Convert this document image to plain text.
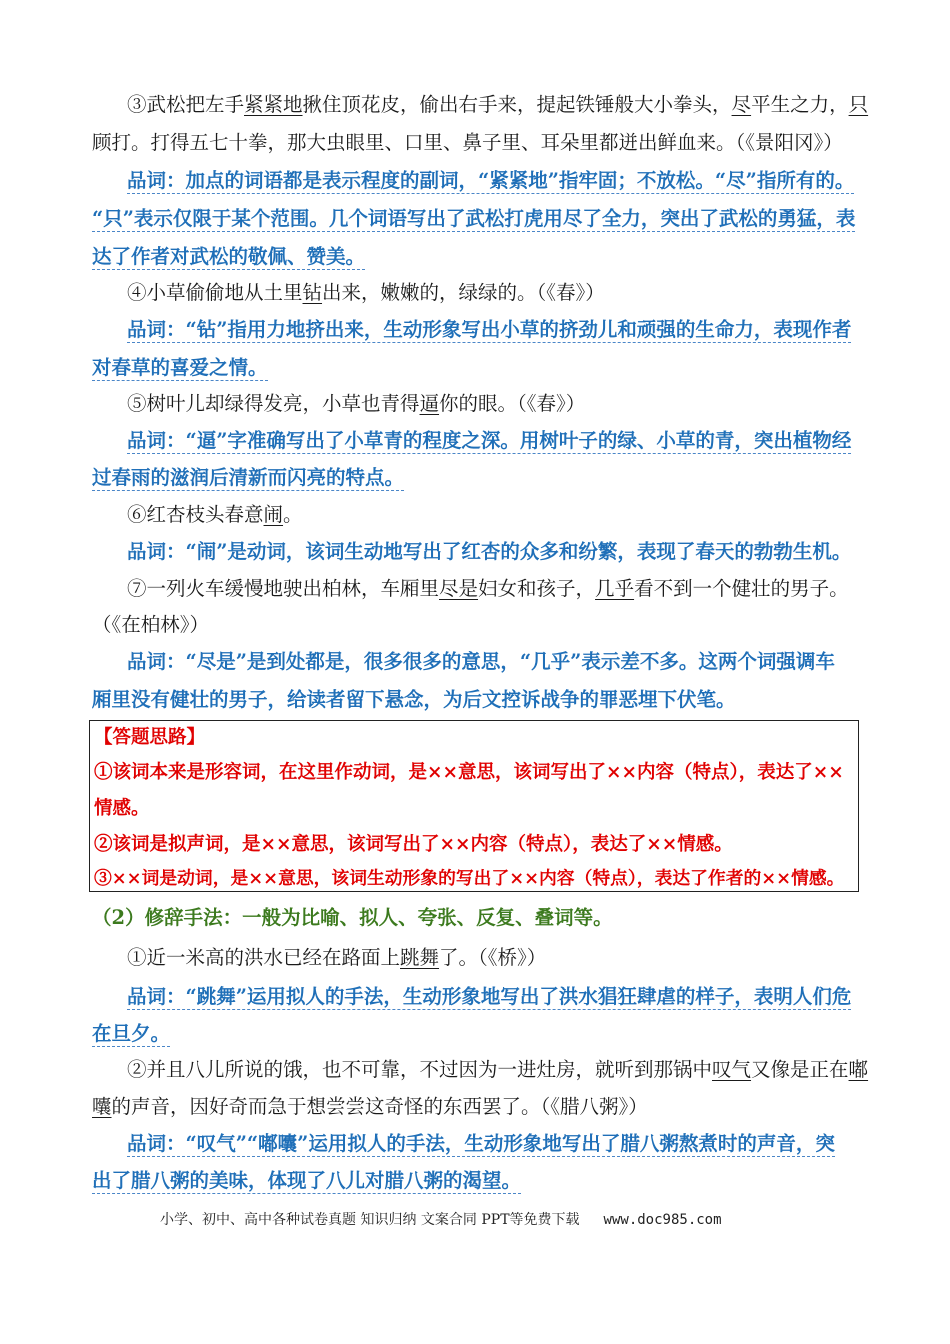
③武松把左手紧紧地揪住顶花皮，偷出右手来，提起铁锤般大小拳头，尽平生之力，只
顾打。打得五七十拳，那大虫眼里、口里、鼻子里、耳朵里都迸出鲜血来。（《景阳冈》）
品词：加点的词语都是表示程度的副词，“紧紧地”指牢固；不放松。“尽”指所有的。
“只”表示仅限于某个范围。几个词语写出了武松打虎用尽了全力，突出了武松的勇猛，表
达了作者对武松的敬佩、赞美。
④小草偷偷地从土里钻出来，嫩嫩的，绿绿的。（《春》）
品词：“钻”指用力地挤出来，生动形象写出小草的挤劲儿和顽强的生命力，表现作者
对春草的喜爱之情。
⑤树叶儿却绿得发亮，小草也青得逼你的眼。（《春》）
品词：“逼”字准确写出了小草青的程度之深。用树叶子的绿、小草的青，突出植物经
过春雨的滋润后清新而闪亮的特点。
⑥红杏枝头春意闹。
品词：“闹”是动词，该词生动地写出了红杏的众多和纷繁，表现了春天的勃勃生机。
⑦一列火车缓慢地驶出柏林，车厢里尽是妇女和孩子，几乎看不到一个健壮的男子。
（《在柏林》）
品词：“尽是”是到处都是，很多很多的意思，“几乎”表示差不多。这两个词强调车
厢里没有健壮的男子，给读者留下悬念，为后文控诉战争的罪恶埋下伏笔。
【答题思路】
①该词本来是形容词，在这里作动词，是××意思，该词写出了××内容（特点），表达了××
情感。
②该词是拟声词，是××意思，该词写出了××内容（特点），表达了××情感。
③××词是动词，是××意思，该词生动形象的写出了××内容（特点），表达了作者的××情感。
（2）修辞手法：一般为比喻、拟人、夸张、反复、叠词等。
①近一米高的洪水已经在路面上跳舞了。（《桥》）
品词：“跳舞”运用拟人的手法，生动形象地写出了洪水猖狂肆虐的样子，表明人们危
在旦夕。
②并且八儿所说的饿，也不可靠，不过因为一进灶房，就听到那锅中叹气又像是正在嘟
囔的声音，因好奇而急于想尝尝这奇怪的东西罢了。（《腊八粥》）
品词：“叹气”“嘟囔”运用拟人的手法，生动形象地写出了腊八粥熬煮时的声音，突
出了腊八粥的美味，体现了八儿对腊八粥的渴望。
小学、初中、高中各种试卷真题 知识归纳 文案合同 PPT等免费下载 www.doc985.com
